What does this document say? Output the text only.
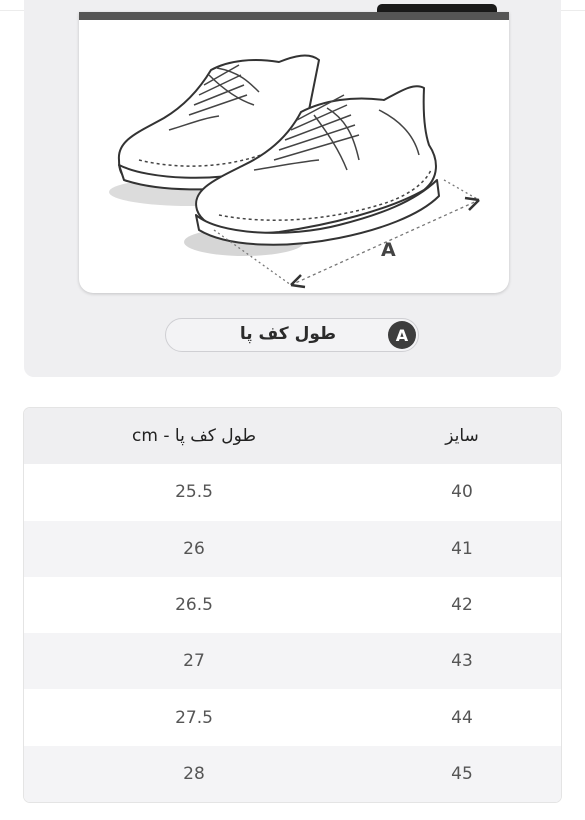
A
A
طول کف پا
سایز
طول کف پا - cm
40
25.5
41
26
42
26.5
43
27
44
27.5
45
28
